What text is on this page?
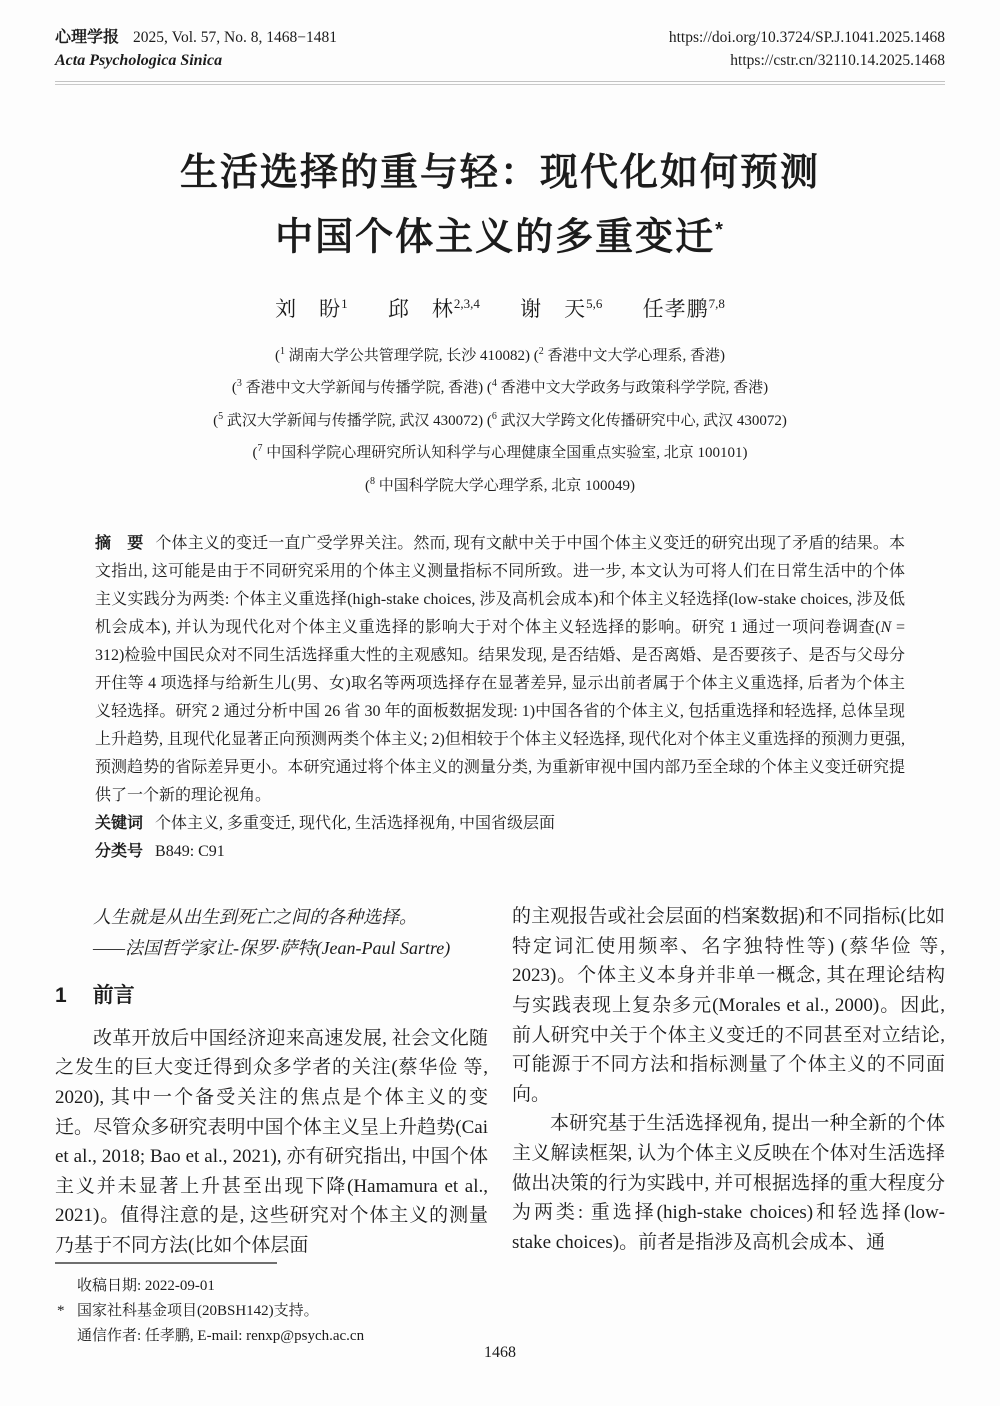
心理学报 2025, Vol. 57, No. 8, 1468−1481
Acta Psychologica Sinica
https://doi.org/10.3724/SP.J.1041.2025.1468
https://cstr.cn/32110.14.2025.1468
生活选择的重与轻：现代化如何预测
中国个体主义的多重变迁*
刘　盼$^1$ 邱　林$^{2,3,4}$ 谢　天$^{5,6}$ 任孝鹏$^{7,8}$
($^1$ 湖南大学公共管理学院, 长沙 410082) ($^2$ 香港中文大学心理系, 香港)
($^3$ 香港中文大学新闻与传播学院, 香港) ($^4$ 香港中文大学政务与政策科学学院, 香港)
($^5$ 武汉大学新闻与传播学院, 武汉 430072) ($^6$ 武汉大学跨文化传播研究中心, 武汉 430072)
($^7$ 中国科学院心理研究所认知科学与心理健康全国重点实验室, 北京 100101)
($^8$ 中国科学院大学心理学系, 北京 100049)
摘　要 个体主义的变迁一直广受学界关注。然而, 现有文献中关于中国个体主义变迁的研究出现了矛盾的结果。本文指出, 这可能是由于不同研究采用的个体主义测量指标不同所致。进一步, 本文认为可将人们在日常生活中的个体主义实践分为两类: 个体主义重选择(high-stake choices, 涉及高机会成本)和个体主义轻选择(low-stake choices, 涉及低机会成本), 并认为现代化对个体主义重选择的影响大于对个体主义轻选择的影响。研究 1 通过一项问卷调查(N = 312)检验中国民众对不同生活选择重大性的主观感知。结果发现, 是否结婚、是否离婚、是否要孩子、是否与父母分开住等 4 项选择与给新生儿(男、女)取名等两项选择存在显著差异, 显示出前者属于个体主义重选择, 后者为个体主义轻选择。研究 2 通过分析中国 26 省 30 年的面板数据发现: 1)中国各省的个体主义, 包括重选择和轻选择, 总体呈现上升趋势, 且现代化显著正向预测两类个体主义; 2)但相较于个体主义轻选择, 现代化对个体主义重选择的预测力更强, 预测趋势的省际差异更小。本研究通过将个体主义的测量分类, 为重新审视中国内部乃至全球的个体主义变迁研究提供了一个新的理论视角。
关键词 个体主义, 多重变迁, 现代化, 生活选择视角, 中国省级层面
分类号 B849: C91
人生就是从出生到死亡之间的各种选择。
——法国哲学家让-保罗·萨特(Jean-Paul Sartre)
1 前言

改革开放后中国经济迎来高速发展, 社会文化随之发生的巨大变迁得到众多学者的关注(蔡华俭 等, 2020), 其中一个备受关注的焦点是个体主义的变迁。尽管众多研究表明中国个体主义呈上升趋势(Cai et al., 2018; Bao et al., 2021), 亦有研究指出, 中国个体主义并未显著上升甚至出现下降(Hamamura et al., 2021)。值得注意的是, 这些研究对个体主义的测量乃基于不同方法(比如个体层面

的主观报告或社会层面的档案数据)和不同指标(比如特定词汇使用频率、名字独特性等) (蔡华俭 等, 2023)。个体主义本身并非单一概念, 其在理论结构与实践表现上复杂多元(Morales et al., 2000)。因此, 前人研究中关于个体主义变迁的不同甚至对立结论, 可能源于不同方法和指标测量了个体主义的不同面向。

本研究基于生活选择视角, 提出一种全新的个体主义解读框架, 认为个体主义反映在个体对生活选择做出决策的行为实践中, 并可根据选择的重大程度分为两类: 重选择(high-stake choices)和轻选择(low-stake choices)。前者是指涉及高机会成本、通

收稿日期: 2022-09-01
* 国家社科基金项目(20BSH142)支持。
通信作者: 任孝鹏, E-mail: renxp@psych.ac.cn
1468
